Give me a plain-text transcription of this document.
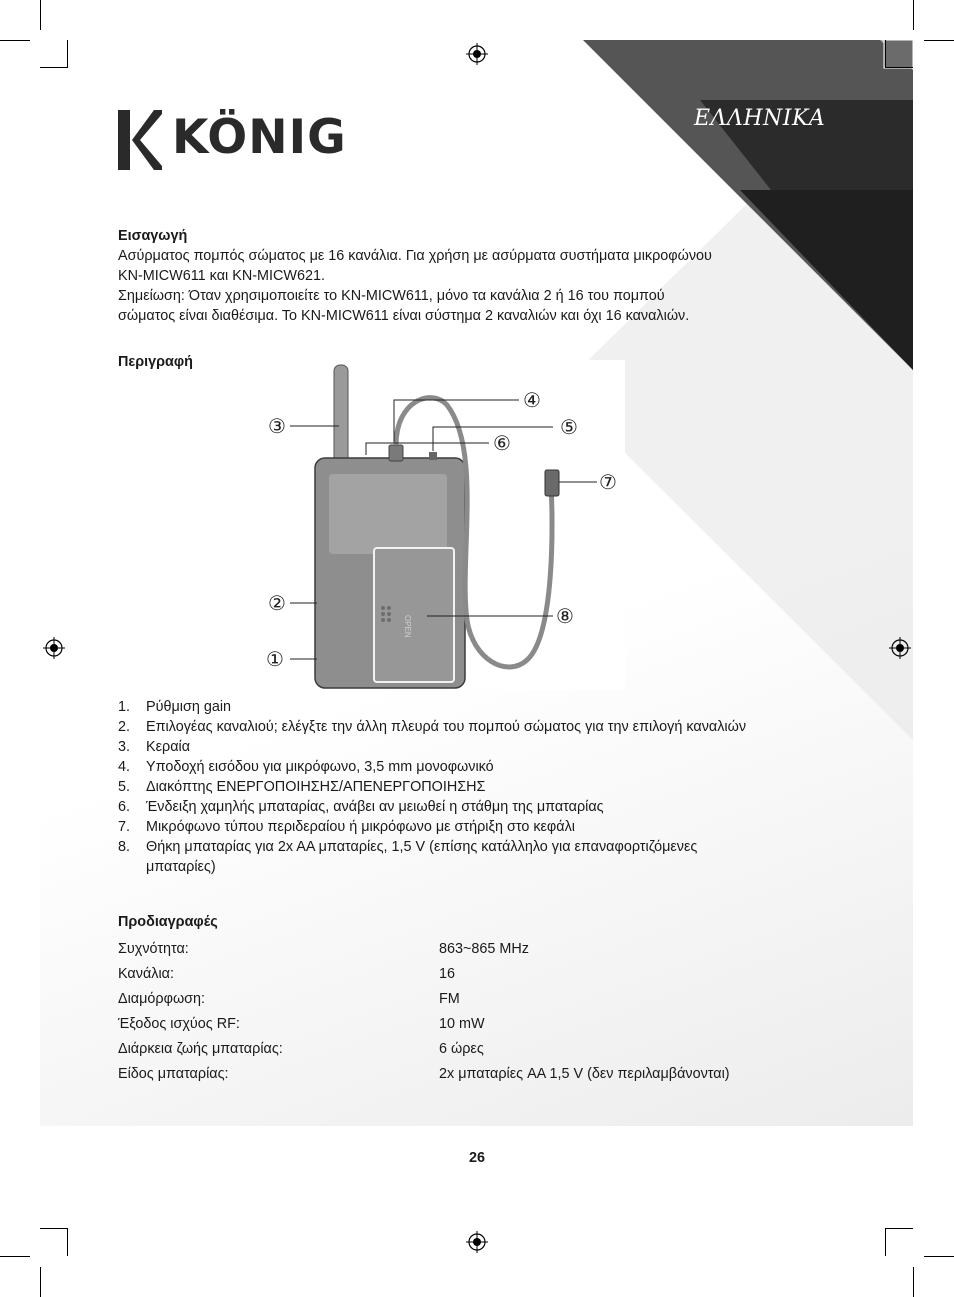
ΕΛΛΗΝΙΚΑ
KÖNIG

Εισαγωγή

Ασύρματος πομπός σώματος με 16 κανάλια. Για χρήση με ασύρματα συστήματα μικροφώνου

KN-MICW611 και KN-MICW621.

Σημείωση: Όταν χρησιμοποιείτε το KN-MICW611, μόνο τα κανάλια 2 ή 16 του πομπού

σώματος είναι διαθέσιμα. Το KN-MICW611 είναι σύστημα 2 καναλιών και όχι 16 καναλιών.

Περιγραφή

OPEN
③
④
⑤
⑥
⑦
②
⑧
①
1. Ρύθμιση gain
2. Επιλογέας καναλιού; ελέγξτε την άλλη πλευρά του πομπού σώματος για την επιλογή καναλιών
3. Κεραία
4. Υποδοχή εισόδου για μικρόφωνο, 3,5 mm μονοφωνικό
5. Διακόπτης ΕΝΕΡΓΟΠΟΙΗΣΗΣ/ΑΠΕΝΕΡΓΟΠΟΙΗΣΗΣ
6. Ένδειξη χαμηλής μπαταρίας, ανάβει αν μειωθεί η στάθμη της μπαταρίας
7. Μικρόφωνο τύπου περιδεραίου ή μικρόφωνο με στήριξη στο κεφάλι
8. Θήκη μπαταρίας για 2x AA μπαταρίες, 1,5 V (επίσης κατάλληλο για επαναφορτιζόμενες μπαταρίες)
Προδιαγραφές
Συχνότητα:	863~865 MHz
Κανάλια:	16
Διαμόρφωση:	FM
Έξοδος ισχύος RF:	10 mW
Διάρκεια ζωής μπαταρίας:	6 ώρες
Είδος μπαταρίας:	2x μπαταρίες AA 1,5 V (δεν περιλαμβάνονται)
26
